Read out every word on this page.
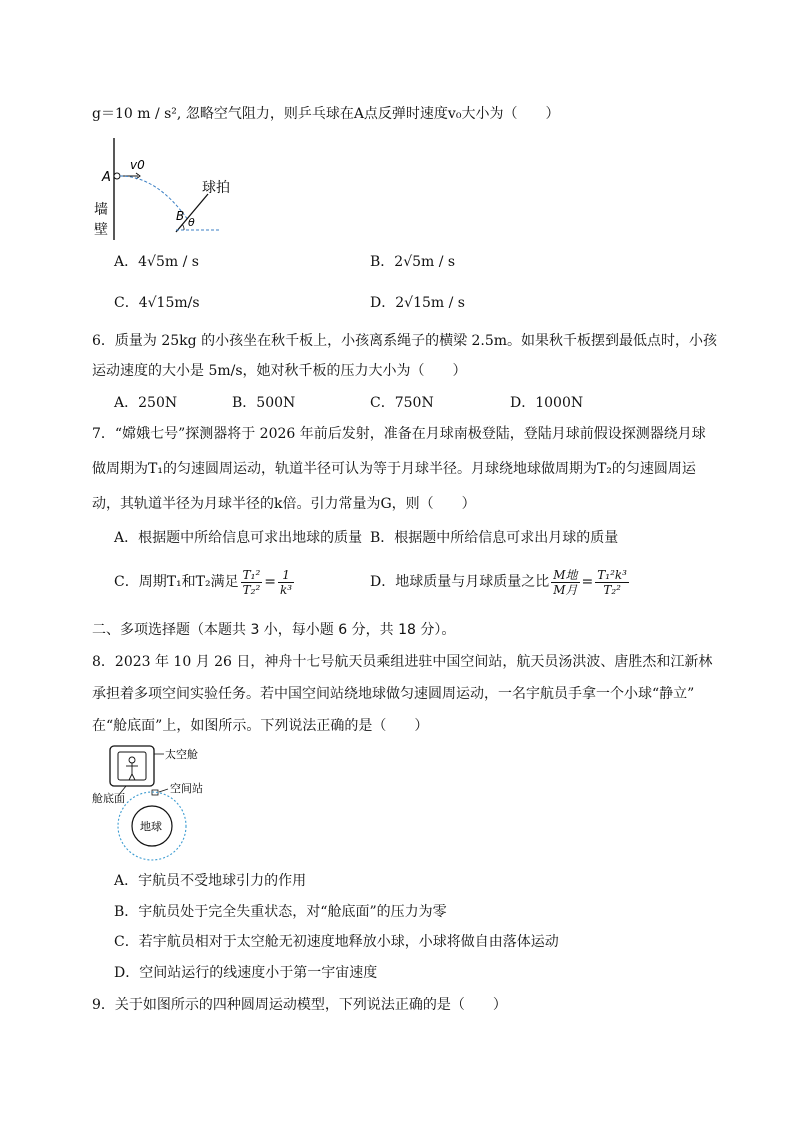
g＝10 m / s², 忽略空气阻力，则乒乓球在A点反弹时速度v₀大小为（　　）
A
v0
球拍
B θ
墙
壁
A．4√5m / s	B．2√5m / s
C．4√15m/s	D．2√15m / s
6．质量为 25kg 的小孩坐在秋千板上，小孩离系绳子的横梁 2.5m。如果秋千板摆到最低点时，小孩
运动速度的大小是 5m/s，她对秋千板的压力大小为（　　）
A．250N	B．500N	C．750N	D．1000N
7．“嫦娥七号”探测器将于 2026 年前后发射，准备在月球南极登陆，登陆月球前假设探测器绕月球
做周期为T₁的匀速圆周运动，轨道半径可认为等于月球半径。月球绕地球做周期为T₂的匀速圆周运
动，其轨道半径为月球半径的k倍。引力常量为G，则（　　）
A．根据题中所给信息可求出地球的质量 B．根据题中所给信息可求出月球的质量
C．周期T₁和T₂满足 $\frac{\text{T₁²}}{\text{T₂²}} = \frac{1}{\text{k³}}$	D．地球质量与月球质量之比 $\frac{\text{M地}}{\text{M月}} = \frac{\text{T₁²k³}}{\text{T₂²}}$
二、多项选择题（本题共 3 小，每小题 6 分，共 18 分）。
8．2023 年 10 月 26 日，神舟十七号航天员乘组进驻中国空间站，航天员汤洪波、唐胜杰和江新林
承担着多项空间实验任务。若中国空间站绕地球做匀速圆周运动，一名宇航员手拿一个小球“静立”
在“舱底面”上，如图所示。下列说法正确的是（　　）
太空舱
空间站
舱底面
地球
A．宇航员不受地球引力的作用
B．宇航员处于完全失重状态，对“舱底面”的压力为零
C．若宇航员相对于太空舱无初速度地释放小球，小球将做自由落体运动
D．空间站运行的线速度小于第一宇宙速度
9．关于如图所示的四种圆周运动模型，下列说法正确的是（　　）
